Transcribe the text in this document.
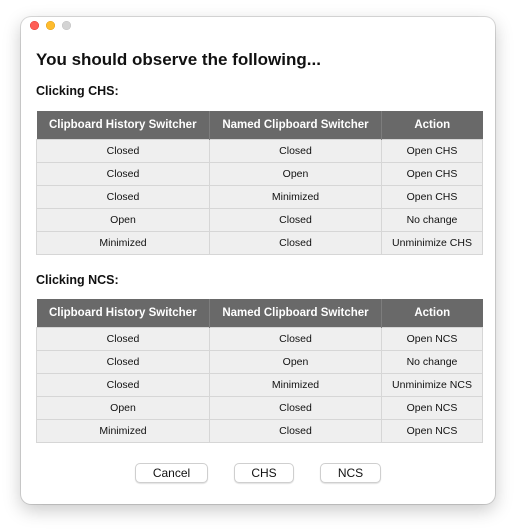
You should observe the following...
Clicking CHS:
Clipboard History Switcher	Named Clipboard Switcher	Action
Closed	Closed	Open CHS
Closed	Open	Open CHS
Closed	Minimized	Open CHS
Open	Closed	No change
Minimized	Closed	Unminimize CHS
Clicking NCS:
Clipboard History Switcher	Named Clipboard Switcher	Action
Closed	Closed	Open NCS
Closed	Open	No change
Closed	Minimized	Unminimize NCS
Open	Closed	Open NCS
Minimized	Closed	Open NCS
Cancel	CHS	NCS
